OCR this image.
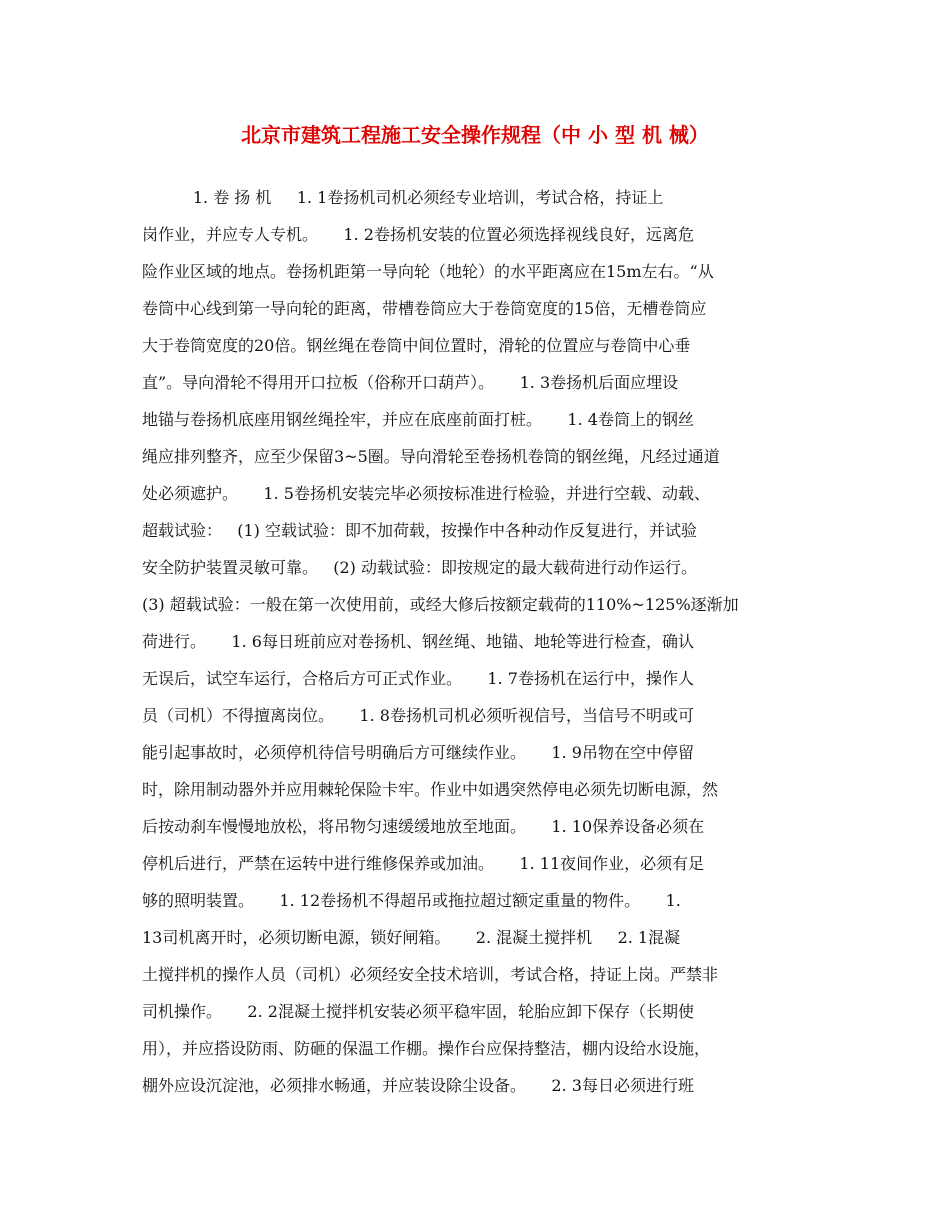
北京市建筑工程施工安全操作规程（中 小 型 机 械）
1. 卷 扬 机     1. 1卷扬机司机必须经专业培训，考试合格，持证上
岗作业，并应专人专机。     1. 2卷扬机安装的位置必须选择视线良好，远离危
险作业区域的地点。卷扬机距第一导向轮（地轮）的水平距离应在15m左右。“从
卷筒中心线到第一导向轮的距离，带槽卷筒应大于卷筒宽度的15倍，无槽卷筒应
大于卷筒宽度的20倍。钢丝绳在卷筒中间位置时，滑轮的位置应与卷筒中心垂
直”。导向滑轮不得用开口拉板（俗称开口葫芦）。     1. 3卷扬机后面应埋设
地锚与卷扬机底座用钢丝绳拴牢，并应在底座前面打桩。     1. 4卷筒上的钢丝
绳应排列整齐，应至少保留3~5圈。导向滑轮至卷扬机卷筒的钢丝绳，凡经过通道
处必须遮护。     1. 5卷扬机安装完毕必须按标准进行检验，并进行空载、动载、
超载试验：   (1) 空载试验：即不加荷载，按操作中各种动作反复进行，并试验
安全防护装置灵敏可靠。   (2) 动载试验：即按规定的最大载荷进行动作运行。
(3) 超载试验：一般在第一次使用前，或经大修后按额定载荷的110%~125%逐渐加
荷进行。     1. 6每日班前应对卷扬机、钢丝绳、地锚、地轮等进行检查，确认
无误后，试空车运行，合格后方可正式作业。     1. 7卷扬机在运行中，操作人
员（司机）不得擅离岗位。     1. 8卷扬机司机必须听视信号，当信号不明或可
能引起事故时，必须停机待信号明确后方可继续作业。     1. 9吊物在空中停留
时，除用制动器外并应用棘轮保险卡牢。作业中如遇突然停电必须先切断电源，然
后按动刹车慢慢地放松，将吊物匀速缓缓地放至地面。     1. 10保养设备必须在
停机后进行，严禁在运转中进行维修保养或加油。     1. 11夜间作业，必须有足
够的照明装置。     1. 12卷扬机不得超吊或拖拉超过额定重量的物件。     1.
13司机离开时，必须切断电源，锁好闸箱。     2. 混凝土搅拌机     2. 1混凝
土搅拌机的操作人员（司机）必须经安全技术培训，考试合格，持证上岗。严禁非
司机操作。     2. 2混凝土搅拌机安装必须平稳牢固，轮胎应卸下保存（长期使
用），并应搭设防雨、防砸的保温工作棚。操作台应保持整洁，棚内设给水设施，
棚外应设沉淀池，必须排水畅通，并应装设除尘设备。     2. 3每日必须进行班
